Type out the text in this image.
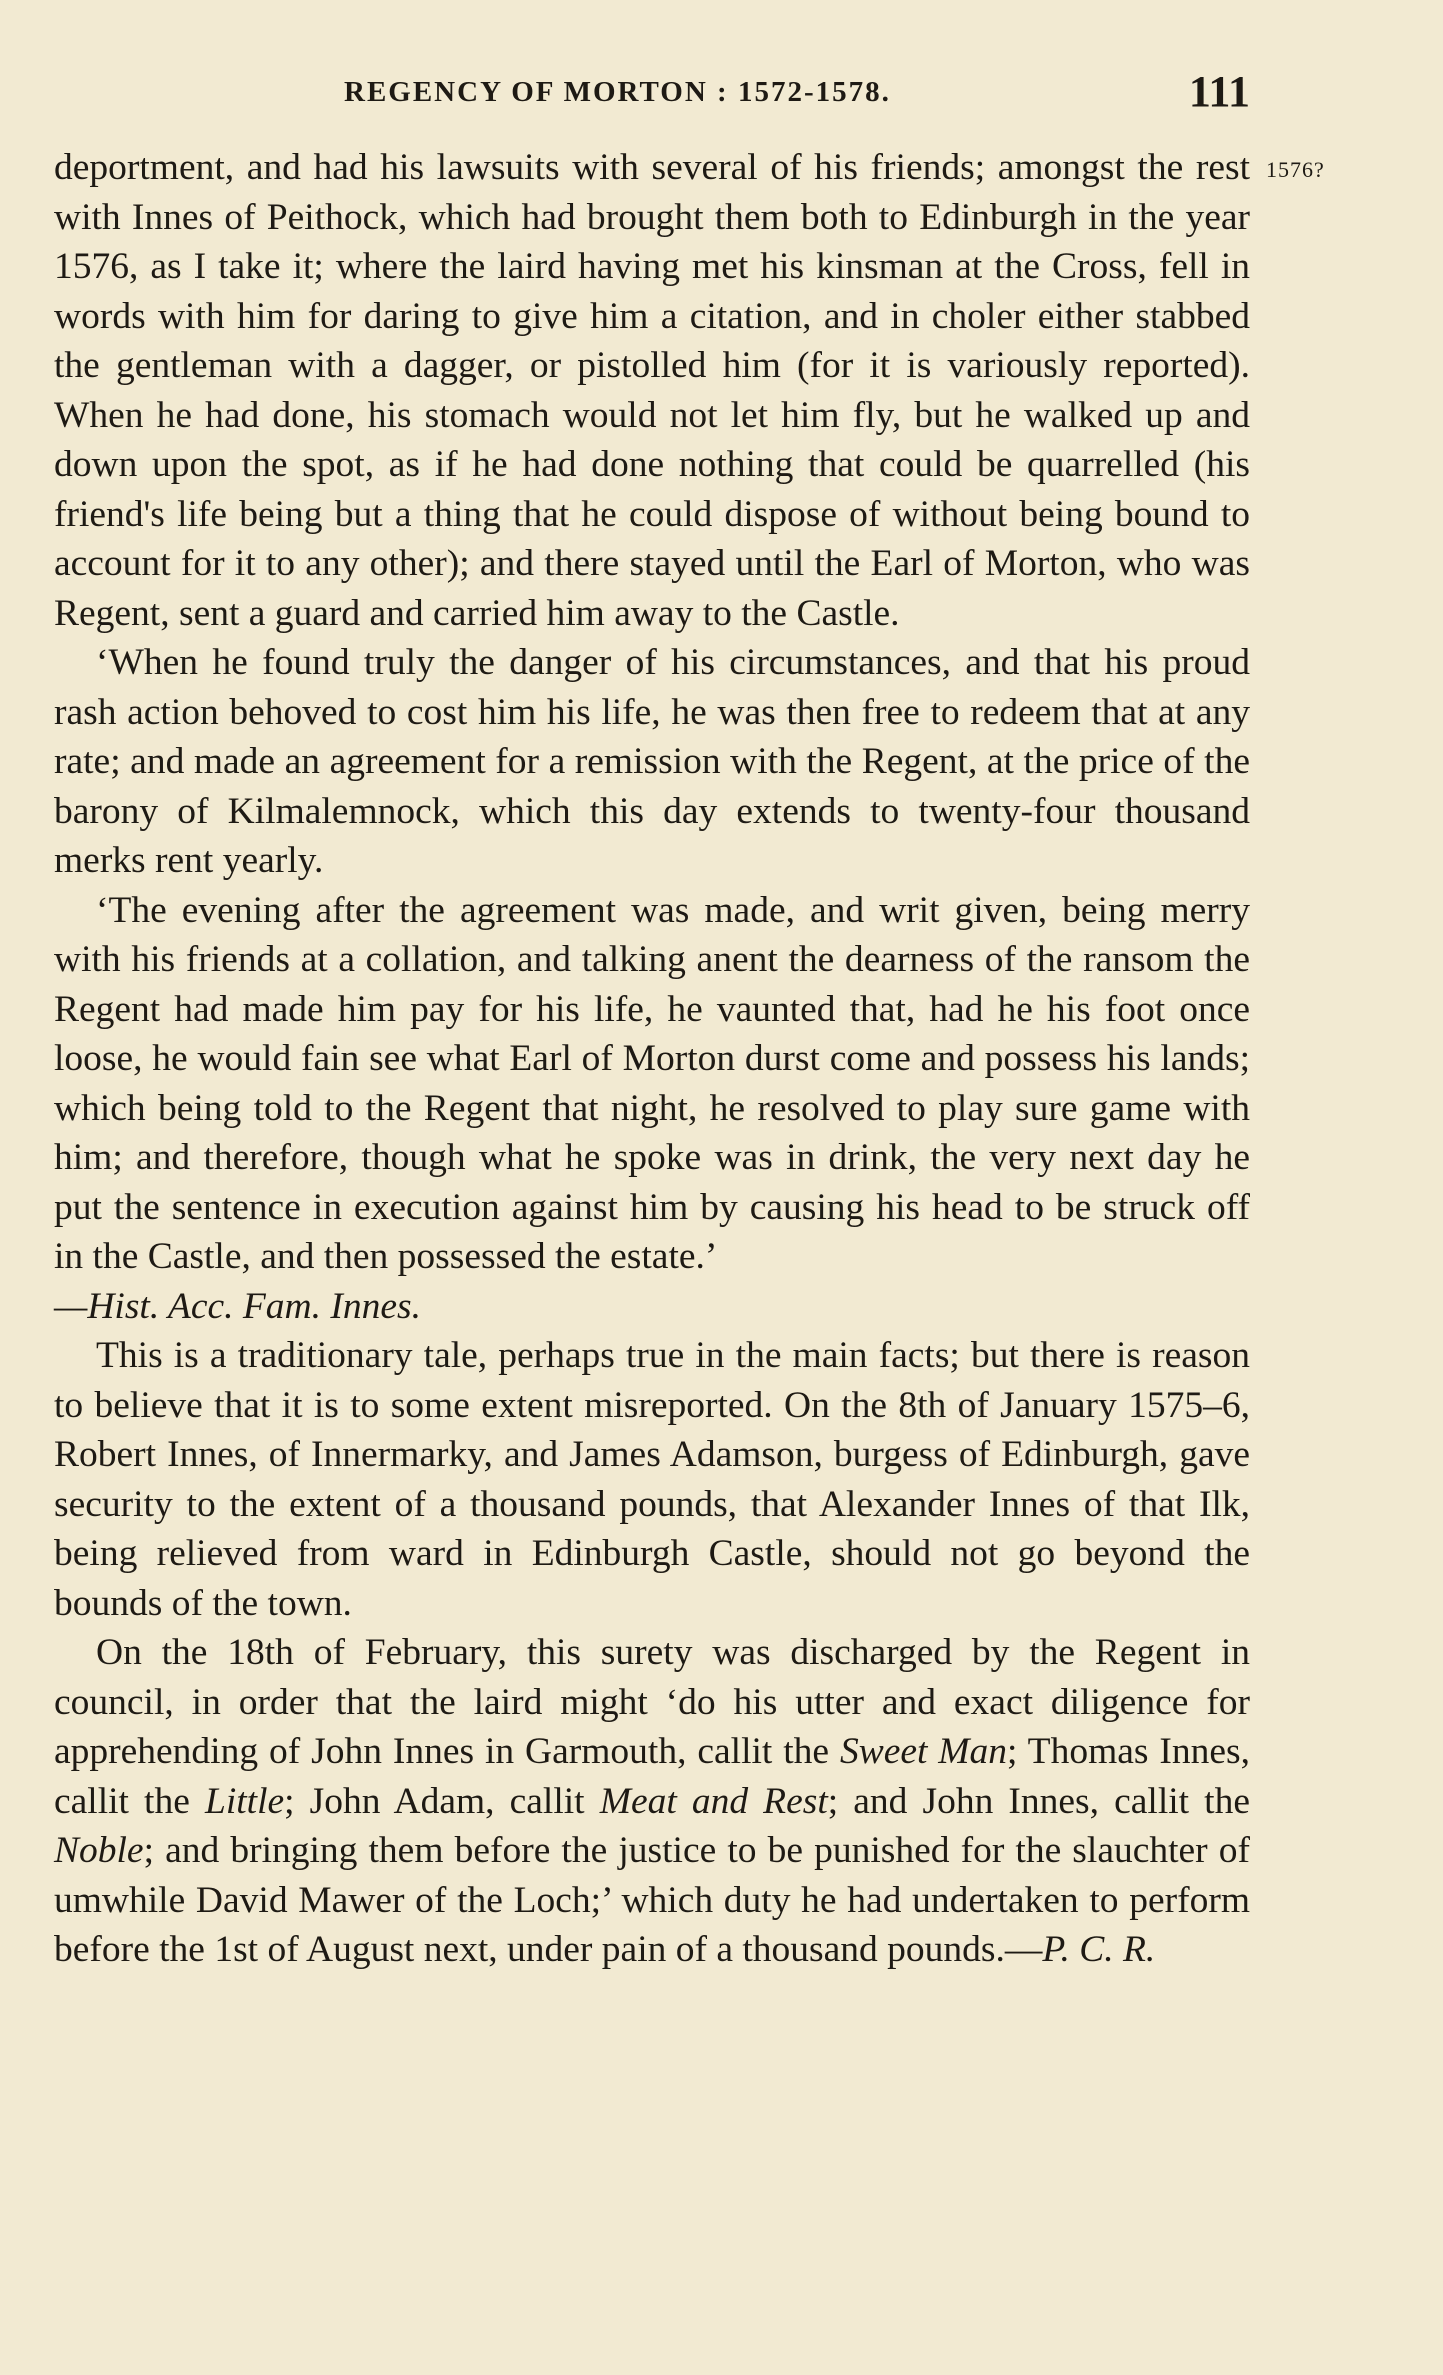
REGENCY OF MORTON : 1572-1578.	111
1576?

deportment, and had his lawsuits with several of his friends; amongst the rest with Innes of Peithock, which had brought them both to Edinburgh in the year 1576, as I take it; where the laird having met his kinsman at the Cross, fell in words with him for daring to give him a citation, and in choler either stabbed the gentleman with a dagger, or pistolled him (for it is variously reported). When he had done, his stomach would not let him fly, but he walked up and down upon the spot, as if he had done nothing that could be quarrelled (his friend's life being but a thing that he could dispose of without being bound to account for it to any other); and there stayed until the Earl of Morton, who was Regent, sent a guard and carried him away to the Castle.

‘When he found truly the danger of his circumstances, and that his proud rash action behoved to cost him his life, he was then free to redeem that at any rate; and made an agreement for a remission with the Regent, at the price of the barony of Kilmalemnock, which this day extends to twenty-four thousand merks rent yearly.

‘The evening after the agreement was made, and writ given, being merry with his friends at a collation, and talking anent the dearness of the ransom the Regent had made him pay for his life, he vaunted that, had he his foot once loose, he would fain see what Earl of Morton durst come and possess his lands; which being told to the Regent that night, he resolved to play sure game with him; and therefore, though what he spoke was in drink, the very next day he put the sentence in execution against him by causing his head to be struck off in the Castle, and then possessed the estate.’

—Hist. Acc. Fam. Innes.

This is a traditionary tale, perhaps true in the main facts; but there is reason to believe that it is to some extent misreported. On the 8th of January 1575–6, Robert Innes, of Innermarky, and James Adamson, burgess of Edinburgh, gave security to the extent of a thousand pounds, that Alexander Innes of that Ilk, being relieved from ward in Edinburgh Castle, should not go beyond the bounds of the town.

On the 18th of February, this surety was discharged by the Regent in council, in order that the laird might ‘do his utter and exact diligence for apprehending of John Innes in Garmouth, callit the Sweet Man; Thomas Innes, callit the Little; John Adam, callit Meat and Rest; and John Innes, callit the Noble; and bringing them before the justice to be punished for the slauchter of umwhile David Mawer of the Loch;’ which duty he had undertaken to perform before the 1st of August next, under pain of a thousand pounds.—P. C. R.
